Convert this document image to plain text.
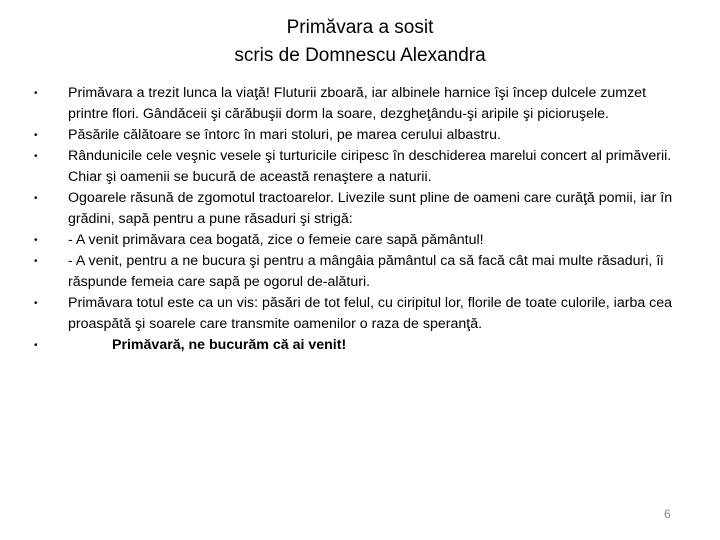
Primăvara a sosit
scris de Domnescu Alexandra
•	Primăvara a trezit lunca la viaţă! Fluturii zboară, iar albinele harnice îşi încep dulcele zumzet printre flori. Gândăceii şi cărăbuşii dorm la soare, dezgheţându-şi aripile şi picioruşele.
•	Păsările călătoare se întorc în mari stoluri, pe marea cerului albastru.
•	Rândunicile cele veşnic vesele şi turturicile ciripesc în deschiderea marelui concert al primăverii. Chiar şi oamenii se bucură de această renaştere a naturii.
•	Ogoarele răsună de zgomotul tractoarelor. Livezile sunt pline de oameni care curăţă pomii, iar în grădini, sapă pentru a pune răsaduri şi strigă:
•	- A venit primăvara cea bogată, zice o femeie care sapă pământul!
•	- A venit, pentru a ne bucura şi pentru a mângâia pământul ca să facă cât mai multe răsaduri, îi răspunde femeia care sapă pe ogorul de-alături.
•	Primăvara totul este ca un vis: păsări de tot felul, cu ciripitul lor, florile de toate culorile, iarba cea proaspătă şi soarele care transmite oamenilor o raza de speranţă.
•	Primăvară, ne bucurăm că ai venit!
6
